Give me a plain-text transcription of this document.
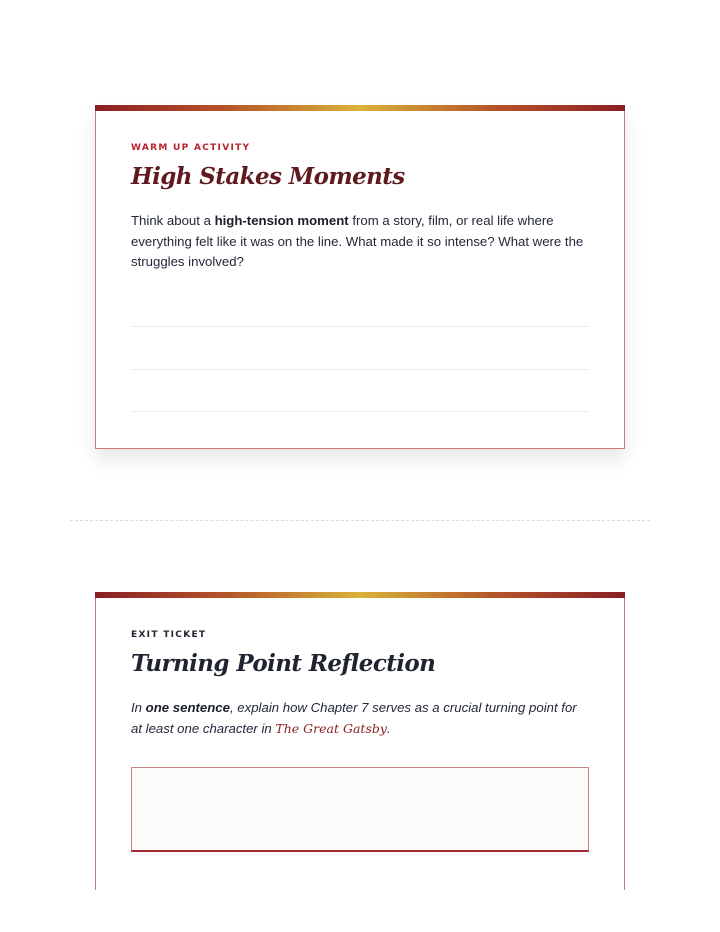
WARM UP ACTIVITY
High Stakes Moments

Think about a high-tension moment from a story, film, or real life where everything felt like it was on the line. What made it so intense? What were the struggles involved?

EXIT TICKET
Turning Point Reflection

In one sentence, explain how Chapter 7 serves as a crucial turning point for at least one character in The Great Gatsby.
